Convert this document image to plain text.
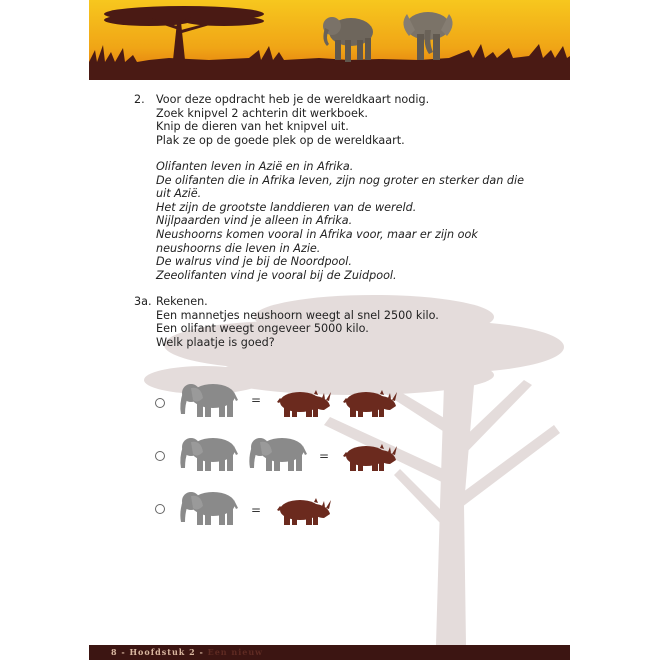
2. Voor deze opdracht heb je de wereldkaart nodig.
Zoek knipvel 2 achterin dit werkboek.
Knip de dieren van het knipvel uit.
Plak ze op de goede plek op de wereldkaart.
Olifanten leven in Azië en in Afrika.
De olifanten die in Afrika leven, zijn nog groter en sterker dan die
uit Azië.
Het zijn de grootste landdieren van de wereld.
Nijlpaarden vind je alleen in Afrika.
Neushoorns komen vooral in Afrika voor, maar er zijn ook
neushoorns die leven in Azie.
De walrus vind je bij de Noordpool.
Zeeolifanten vind je vooral bij de Zuidpool.
3a. Rekenen.
Een mannetjes neushoorn weegt al snel 2500 kilo.
Een olifant weegt ongeveer 5000 kilo.
Welk plaatje is goed?
=
=
=
8 - Hoofdstuk 2 - Een nieuw
